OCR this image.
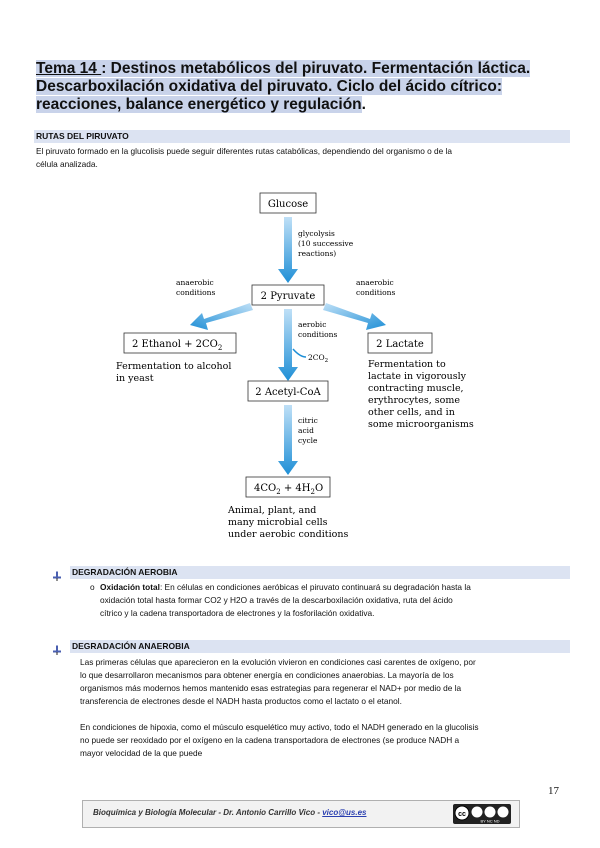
Tema 14 : Destinos metabólicos del piruvato. Fermentación láctica.
Descarboxilación oxidativa del piruvato. Ciclo del ácido cítrico:
reacciones, balance energético y regulación.
RUTAS DEL PIRUVATO
El piruvato formado en la glucolisis puede seguir diferentes rutas catabólicas, dependiendo del organismo o de la
célula analizada.
Glucose
glycolysis
(10 successive
reactions)
2 Pyruvate
anaerobic
conditions
anaerobic
conditions
aerobic
conditions
$2CO_2$
2 Ethanol + $2CO_2$
Fermentation to alcohol
in yeast
2 Lactate
Fermentation to
lactate in vigorously
contracting muscle,
erythrocytes, some
other cells, and in
some microorganisms
2 Acetyl-CoA
citric
acid
cycle
$4CO_2 + 4H_2O$
Animal, plant, and
many microbial cells
under aerobic conditions
DEGRADACIÓN AEROBIA
o Oxidación total: En células en condiciones aeróbicas el piruvato continuará su degradación hasta la
oxidación total hasta formar CO2 y H2O a través de la descarboxilación oxidativa, ruta del ácido
cítrico y la cadena transportadora de electrones y la fosforilación oxidativa.
DEGRADACIÓN ANAEROBIA
Las primeras células que aparecieron en la evolución vivieron en condiciones casi carentes de oxígeno, por
lo que desarrollaron mecanismos para obtener energía en condiciones anaerobias. La mayoría de los
organismos más modernos hemos mantenido esas estrategias para regenerar el NAD+ por medio de la
transferencia de electrones desde el NADH hasta productos como el lactato o el etanol.
En condiciones de hipoxia, como el músculo esquelético muy activo, todo el NADH generado en la glucolisis
no puede ser reoxidado por el oxígeno en la cadena transportadora de electrones (se produce NADH a
mayor velocidad de la que puede
17
Bioquímica y Biología Molecular - Dr. Antonio Carrillo Vico - vico@us.es	cc
BY NC ND
